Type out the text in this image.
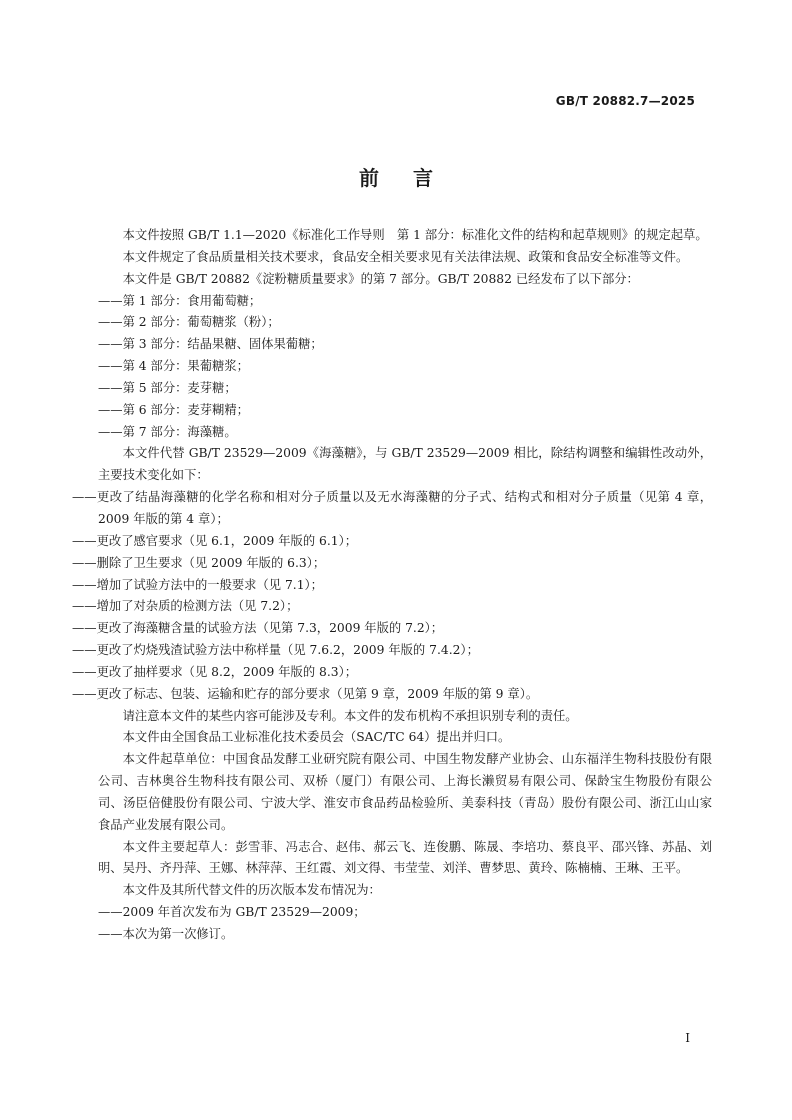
GB/T 20882.7—2025
前言

本文件按照 GB/T 1.1—2020《标准化工作导则　第 1 部分：标准化文件的结构和起草规则》的规定起草。

本文件规定了食品质量相关技术要求，食品安全相关要求见有关法律法规、政策和食品安全标准等文件。

本文件是 GB/T 20882《淀粉糖质量要求》的第 7 部分。GB/T 20882 已经发布了以下部分：

——第 1 部分：食用葡萄糖；

——第 2 部分：葡萄糖浆（粉）；

——第 3 部分：结晶果糖、固体果葡糖；

——第 4 部分：果葡糖浆；

——第 5 部分：麦芽糖；

——第 6 部分：麦芽糊精；

——第 7 部分：海藻糖。

本文件代替 GB/T 23529—2009《海藻糖》，与 GB/T 23529—2009 相比，除结构调整和编辑性改动外，主要技术变化如下：

——更改了结晶海藻糖的化学名称和相对分子质量以及无水海藻糖的分子式、结构式和相对分子质量（见第 4 章，2009 年版的第 4 章）；

——更改了感官要求（见 6.1，2009 年版的 6.1）；

——删除了卫生要求（见 2009 年版的 6.3）；

——增加了试验方法中的一般要求（见 7.1）；

——增加了对杂质的检测方法（见 7.2）；

——更改了海藻糖含量的试验方法（见第 7.3，2009 年版的 7.2）；

——更改了灼烧残渣试验方法中称样量（见 7.6.2，2009 年版的 7.4.2）；

——更改了抽样要求（见 8.2，2009 年版的 8.3）；

——更改了标志、包装、运输和贮存的部分要求（见第 9 章，2009 年版的第 9 章）。

请注意本文件的某些内容可能涉及专利。本文件的发布机构不承担识别专利的责任。

本文件由全国食品工业标准化技术委员会（SAC/TC 64）提出并归口。

本文件起草单位：中国食品发酵工业研究院有限公司、中国生物发酵产业协会、山东福洋生物科技股份有限公司、吉林奥谷生物科技有限公司、双桥（厦门）有限公司、上海长濑贸易有限公司、保龄宝生物股份有限公司、汤臣倍健股份有限公司、宁波大学、淮安市食品药品检验所、美泰科技（青岛）股份有限公司、浙江山山家食品产业发展有限公司。

本文件主要起草人：彭雪菲、冯志合、赵伟、郝云飞、连俊鹏、陈晟、李培功、蔡良平、邵兴锋、苏晶、刘明、吴丹、齐丹萍、王娜、林萍萍、王红霞、刘文得、韦莹莹、刘洋、曹梦思、黄玲、陈楠楠、王琳、王平。

本文件及其所代替文件的历次版本发布情况为：

——2009 年首次发布为 GB/T 23529—2009；

——本次为第一次修订。

I
